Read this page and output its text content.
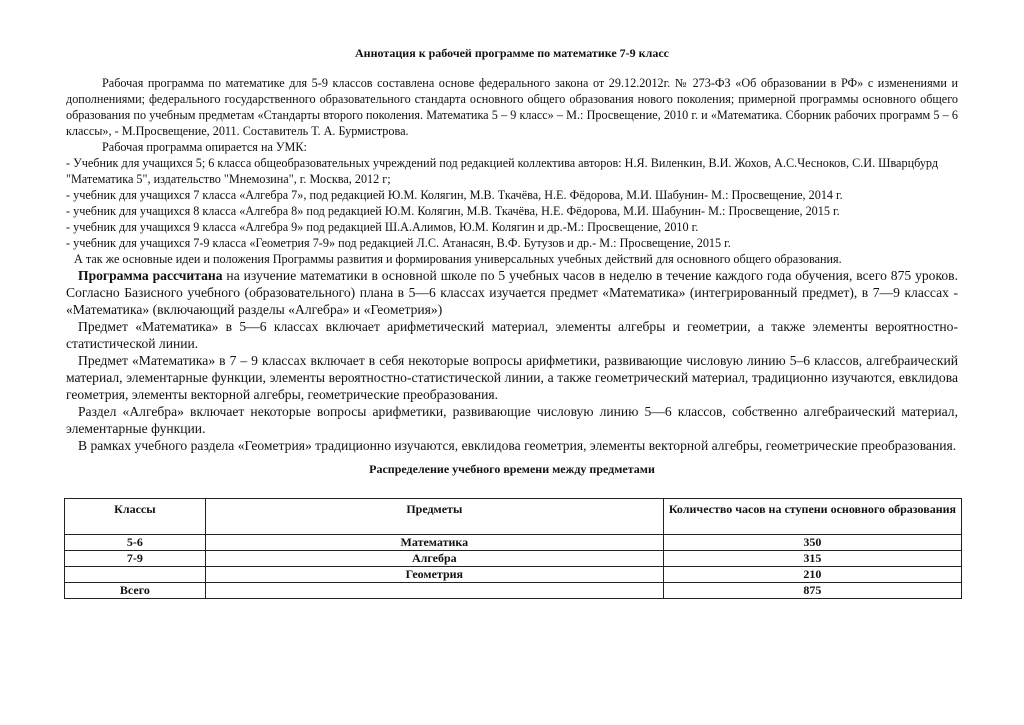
Аннотация к рабочей программе по математике 7-9 класс

Рабочая программа по математике для 5-9 классов составлена основе федерального закона от 29.12.2012г. № 273-ФЗ «Об образовании в РФ» с изменениями и дополнениями; федерального государственного образовательного стандарта основного общего образования нового поколения; примерной программы основного общего образования по учебным предметам «Стандарты второго поколения. Математика 5 – 9 класс» – М.: Просвещение, 2010 г. и «Математика. Сборник рабочих программ 5 – 6 классы», - М.Просвещение, 2011. Составитель Т. А. Бурмистрова.

Рабочая программа опирается на УМК:

- Учебник для учащихся 5; 6 класса общеобразовательных учреждений под редакцией коллектива авторов: Н.Я. Виленкин, В.И. Жохов, А.С.Чесноков, С.И. Шварцбурд "Математика 5", издательство "Мнемозина", г. Москва, 2012 г;

- учебник для учащихся 7 класса «Алгебра 7», под редакцией Ю.М. Колягин, М.В. Ткачёва, Н.Е. Фёдорова, М.И. Шабунин- М.: Просвещение, 2014 г.

- учебник для учащихся 8 класса «Алгебра 8» под редакцией Ю.М. Колягин, М.В. Ткачёва, Н.Е. Фёдорова, М.И. Шабунин- М.: Просвещение, 2015 г.

- учебник для учащихся 9 класса «Алгебра 9» под редакцией Ш.А.Алимов, Ю.М. Колягин и др.-М.: Просвещение, 2010 г.

- учебник для учащихся 7-9 класса «Геометрия 7-9» под редакцией Л.С. Атанасян, В.Ф. Бутузов и др.- М.: Просвещение, 2015 г.

А так же основные идеи и положения Программы развития и формирования универсальных учебных действий для основного общего образования.

Программа рассчитана на изучение математики в основной школе по 5 учебных часов в неделю в течение каждого года обучения, всего 875 уроков. Согласно Базисного учебного (образовательного) плана в 5—6 классах изучается предмет «Математика» (интегрированный предмет), в 7—9 классах - «Математика» (включающий разделы «Алгебра» и «Геометрия»)

Предмет «Математика» в 5—6 классах включает арифметический материал, элементы алгебры и геометрии, а также элементы вероятностно-статистической линии.

Предмет «Математика» в 7 – 9 классах включает в себя некоторые вопросы арифметики, развивающие числовую линию 5–6 классов, алгебраический материал, элементарные функции, элементы вероятностно-статистической линии, а также геометрический материал, традиционно изучаются, евклидова геометрия, элементы векторной алгебры, геометрические преобразования.

Раздел «Алгебра» включает некоторые вопросы арифметики, развивающие числовую линию 5—6 классов, собственно алгебраический материал, элементарные функции.

В рамках учебного раздела «Геометрия» традиционно изучаются, евклидова геометрия, элементы векторной алгебры, геометрические преобразования.

Распределение учебного времени между предметами

Классы	Предметы	Количество часов на ступени основного образования
5-6	Математика	350
7-9	Алгебра	315
	Геометрия	210
Всего		875
